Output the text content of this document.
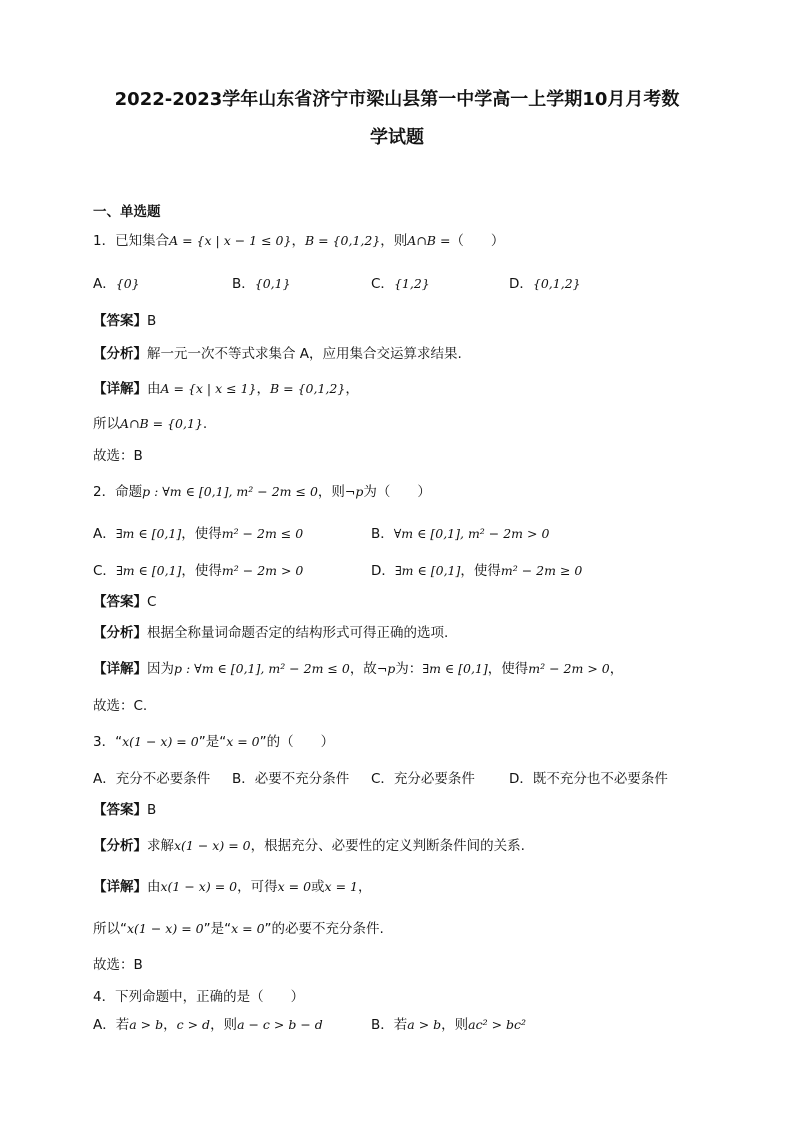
2022-2023学年山东省济宁市梁山县第一中学高一上学期10月月考数
学试题
一、单选题
1．已知集合A = {x | x − 1 ≤ 0}，B = {0,1,2}，则A∩B =（　　）
A．{0}	B．{0,1}	C．{1,2}	D．{0,1,2}
【答案】B
【分析】解一元一次不等式求集合 A，应用集合交运算求结果.
【详解】由A = {x | x ≤ 1}，B = {0,1,2}，
所以A∩B = {0,1}.
故选：B
2．命题p : ∀m ∈ [0,1], m² − 2m ≤ 0，则¬p为（　　）
A．∃m ∈ [0,1]，使得m² − 2m ≤ 0	B．∀m ∈ [0,1], m² − 2m > 0
C．∃m ∈ [0,1]，使得m² − 2m > 0	D．∃m ∈ [0,1]，使得m² − 2m ≥ 0
【答案】C
【分析】根据全称量词命题否定的结构形式可得正确的选项.
【详解】因为p : ∀m ∈ [0,1], m² − 2m ≤ 0，故¬p为：∃m ∈ [0,1]，使得m² − 2m > 0，
故选：C.
3．“x(1 − x) = 0”是“x = 0”的（　　）
A．充分不必要条件 B．必要不充分条件 C．充分必要条件	D．既不充分也不必要条件
【答案】B
【分析】求解x(1 − x) = 0，根据充分、必要性的定义判断条件间的关系.
【详解】由x(1 − x) = 0，可得x = 0或x = 1，
所以“x(1 − x) = 0”是“x = 0”的必要不充分条件.
故选：B
4．下列命题中，正确的是（　　）
A．若a > b，c > d，则a − c > b − d	B．若a > b，则ac² > bc²
